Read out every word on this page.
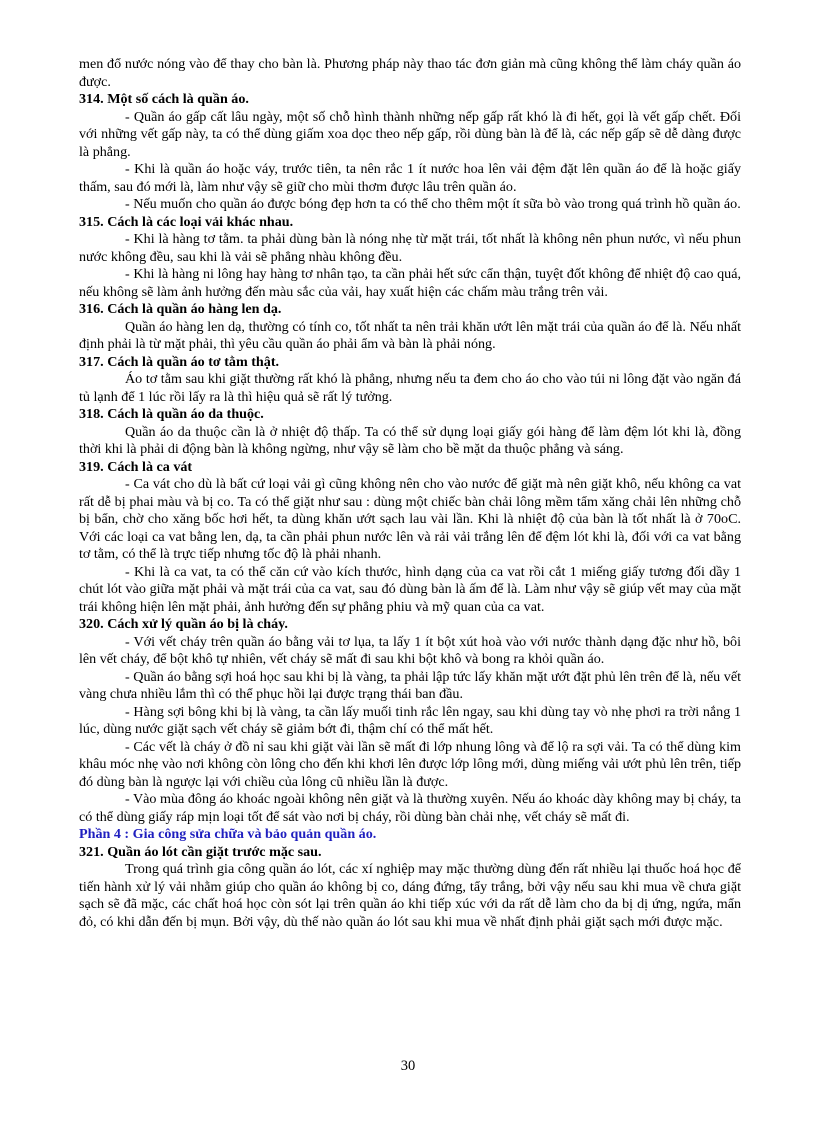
men đổ nước nóng vào để thay cho bàn là. Phương pháp này thao tác đơn giản mà cũng không thể làm cháy quần áo được.

314. Một số cách là quần áo.

- Quần áo gấp cất lâu ngày, một số chỗ hình thành những nếp gấp rất khó là đi hết, gọi là vết gấp chết. Đối với những vết gấp này, ta có thể dùng giấm xoa dọc theo nếp gấp, rồi dùng bàn là để là, các nếp gấp sẽ dễ dàng được là phẳng.

- Khi là quần áo hoặc váy, trước tiên, ta nên rắc 1 ít nước hoa lên vải đệm đặt lên quần áo để là hoặc giấy thấm, sau đó mới là, làm như vậy sẽ giữ cho mùi thơm được lâu trên quần áo.

- Nếu muốn cho quần áo được bóng đẹp hơn ta có thể cho thêm một ít sữa bò vào trong quá trình hồ quần áo.

315. Cách là các loại vải khác nhau.

- Khi là hàng tơ tằm. ta phải dùng bàn là nóng nhẹ từ mặt trái, tốt nhất là không nên phun nước, vì nếu phun nước không đều, sau khi là vải sẽ phẳng nhàu không đều.

- Khi là hàng ni lông hay hàng tơ nhân tạo, ta cần phải hết sức cẩn thận, tuyệt đốt không để nhiệt độ cao quá, nếu không sẽ làm ảnh hưởng đến màu sắc của vải, hay xuất hiện các chấm màu trắng trên vải.

316. Cách là quần áo hàng len dạ.

Quần áo hàng len dạ, thường có tính co, tốt nhất ta nên trải khăn ướt lên mặt trái của quần áo để là. Nếu nhất định phải là từ mặt phải, thì yêu cầu quần áo phải ẩm và bàn là phải nóng.

317. Cách là quần áo tơ tằm thật.

Áo tơ tằm sau khi giặt thường rất khó là phẳng, nhưng nếu ta đem cho áo cho vào túi ni lông đặt vào ngăn đá tủ lạnh để 1 lúc rồi lấy ra là thì hiệu quả sẽ rất lý tưởng.

318. Cách là quần áo da thuộc.

Quần áo da thuộc cần là ở nhiệt độ thấp. Ta có thể sử dụng loại giấy gói hàng để làm đệm lót khi là, đồng thời khi là phải di động bàn là không ngừng, như vậy sẽ làm cho bề mặt da thuộc phẳng và sáng.

319. Cách là ca vát

- Ca vát cho dù là bất cứ loại vải gì cũng không nên cho vào nước để giặt mà nên giặt khô, nếu không ca vat rất dễ bị phai màu và bị co. Ta có thể giặt như sau : dùng một chiếc bàn chải lông mềm tẩm xăng chải lên những chỗ bị bẩn, chờ cho xăng bốc hơi hết, ta dùng khăn ướt sạch lau vài lần. Khi là nhiệt độ của bàn là tốt nhất là ở 70oC. Với các loại ca vat bằng len, dạ, ta cần phải phun nước lên và rải vải trắng lên để đệm lót khi là, đối với ca vat bằng tơ tằm, có thể là trực tiếp nhưng tốc độ là phải nhanh.

- Khi là ca vat, ta có thể căn cứ vào kích thước, hình dạng của ca vat rồi cắt 1 miếng giấy tương đối dầy 1 chút lót vào giữa mặt phải và mặt trái của ca vat, sau đó dùng bàn là ấm để là. Làm như vậy sẽ giúp vết may của mặt trái không hiện lên mặt phải, ảnh hưởng đến sự phẳng phiu và mỹ quan của ca vat.

320. Cách xử lý quần áo bị là cháy.

- Với vết cháy trên quần áo bằng vải tơ lụa, ta lấy 1 ít bột xút hoà vào với nước thành dạng đặc như hồ, bôi lên vết cháy, để bột khô tự nhiên, vết cháy sẽ mất đi sau khi bột khô và bong ra khỏi quần áo.

- Quần áo bằng sợi hoá học sau khi bị là vàng, ta phải lập tức lấy khăn mặt ướt đặt phủ lên trên để là, nếu vết vàng chưa nhiều lắm thì có thể phục hồi lại được trạng thái ban đầu.

- Hàng sợi bông khi bị là vàng, ta cần lấy muối tinh rắc lên ngay, sau khi dùng tay vò nhẹ phơi ra trời nắng 1 lúc, dùng nước giặt sạch vết cháy sẽ giảm bớt đi, thậm chí có thể mất hết.

- Các vết là cháy ở đồ nỉ sau khi giặt vài lần sẽ mất đi lớp nhung lông và để lộ ra sợi vải. Ta có thể dùng kim khâu móc nhẹ vào nơi không còn lông cho đến khi khơi lên được lớp lông mới, dùng miếng vải ướt phủ lên trên, tiếp đó dùng bàn là ngược lại với chiều của lông cũ nhiều lần là được.

- Vào mùa đông áo khoác ngoài không nên giặt và là thường xuyên. Nếu áo khoác dày không may bị cháy, ta có thể dùng giấy ráp mịn loại tốt để sát vào nơi bị cháy, rồi dùng bàn chải nhẹ, vết cháy sẽ mất đi.

Phần 4 : Gia công sửa chữa và bảo quản quần áo.

321. Quần áo lót cần giặt trước mặc sau.

Trong quá trình gia công quần áo lót, các xí nghiệp may mặc thường dùng đến rất nhiều lại thuốc hoá học để tiến hành xử lý vải nhằm giúp cho quần áo không bị co, dáng đứng, tẩy trắng, bởi vậy nếu sau khi mua về chưa giặt sạch sẽ đã mặc, các chất hoá học còn sót lại trên quần áo khi tiếp xúc với da rất dễ làm cho da bị dị ứng, ngứa, mẩn đỏ, có khi dẫn đến bị mụn. Bởi vậy, dù thế nào quần áo lót sau khi mua về nhất định phải giặt sạch mới được mặc.

30
